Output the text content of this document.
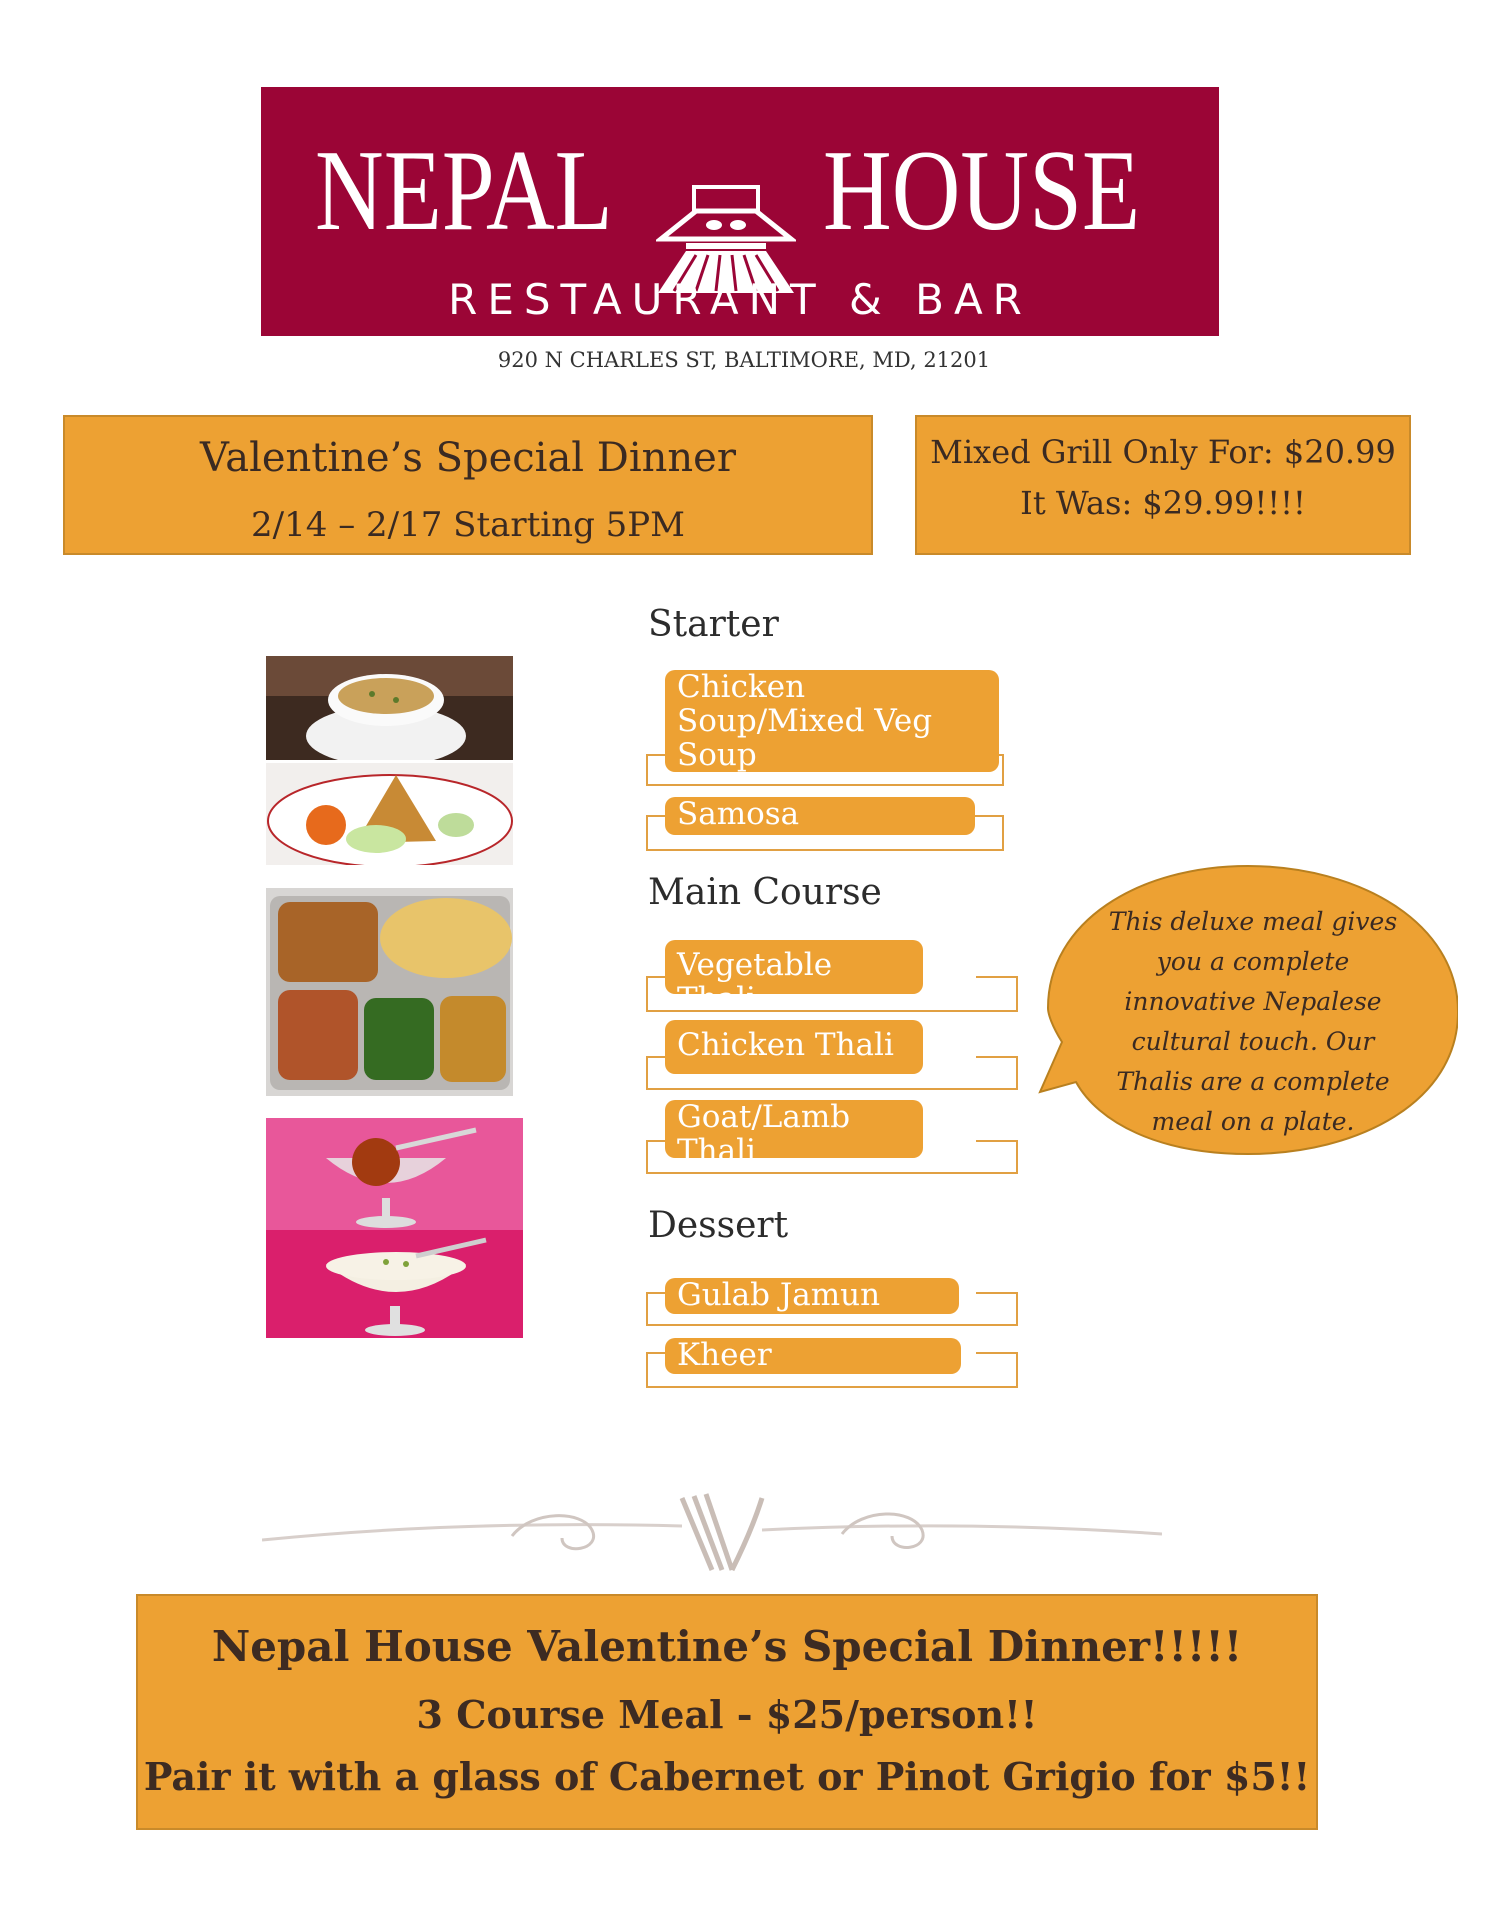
NEPAL HOUSE
RESTAURANT & BAR
920 N CHARLES ST, BALTIMORE, MD, 21201
Valentine’s Special Dinner
2/14 – 2/17 Starting 5PM
Mixed Grill Only For: $20.99
It Was: $29.99!!!!
Starter
Chicken
Soup/Mixed Veg
Soup
Samosa
Main Course
Vegetable Thali
Chicken Thali
Goat/Lamb
Thali
Dessert
Gulab Jamun
Kheer
This deluxe meal gives you a complete innovative Nepalese cultural touch. Our Thalis are a complete meal on a plate.
Nepal House Valentine’s Special Dinner!!!!!
3 Course Meal - $25/person!!
Pair it with a glass of Cabernet or Pinot Grigio for $5!!
